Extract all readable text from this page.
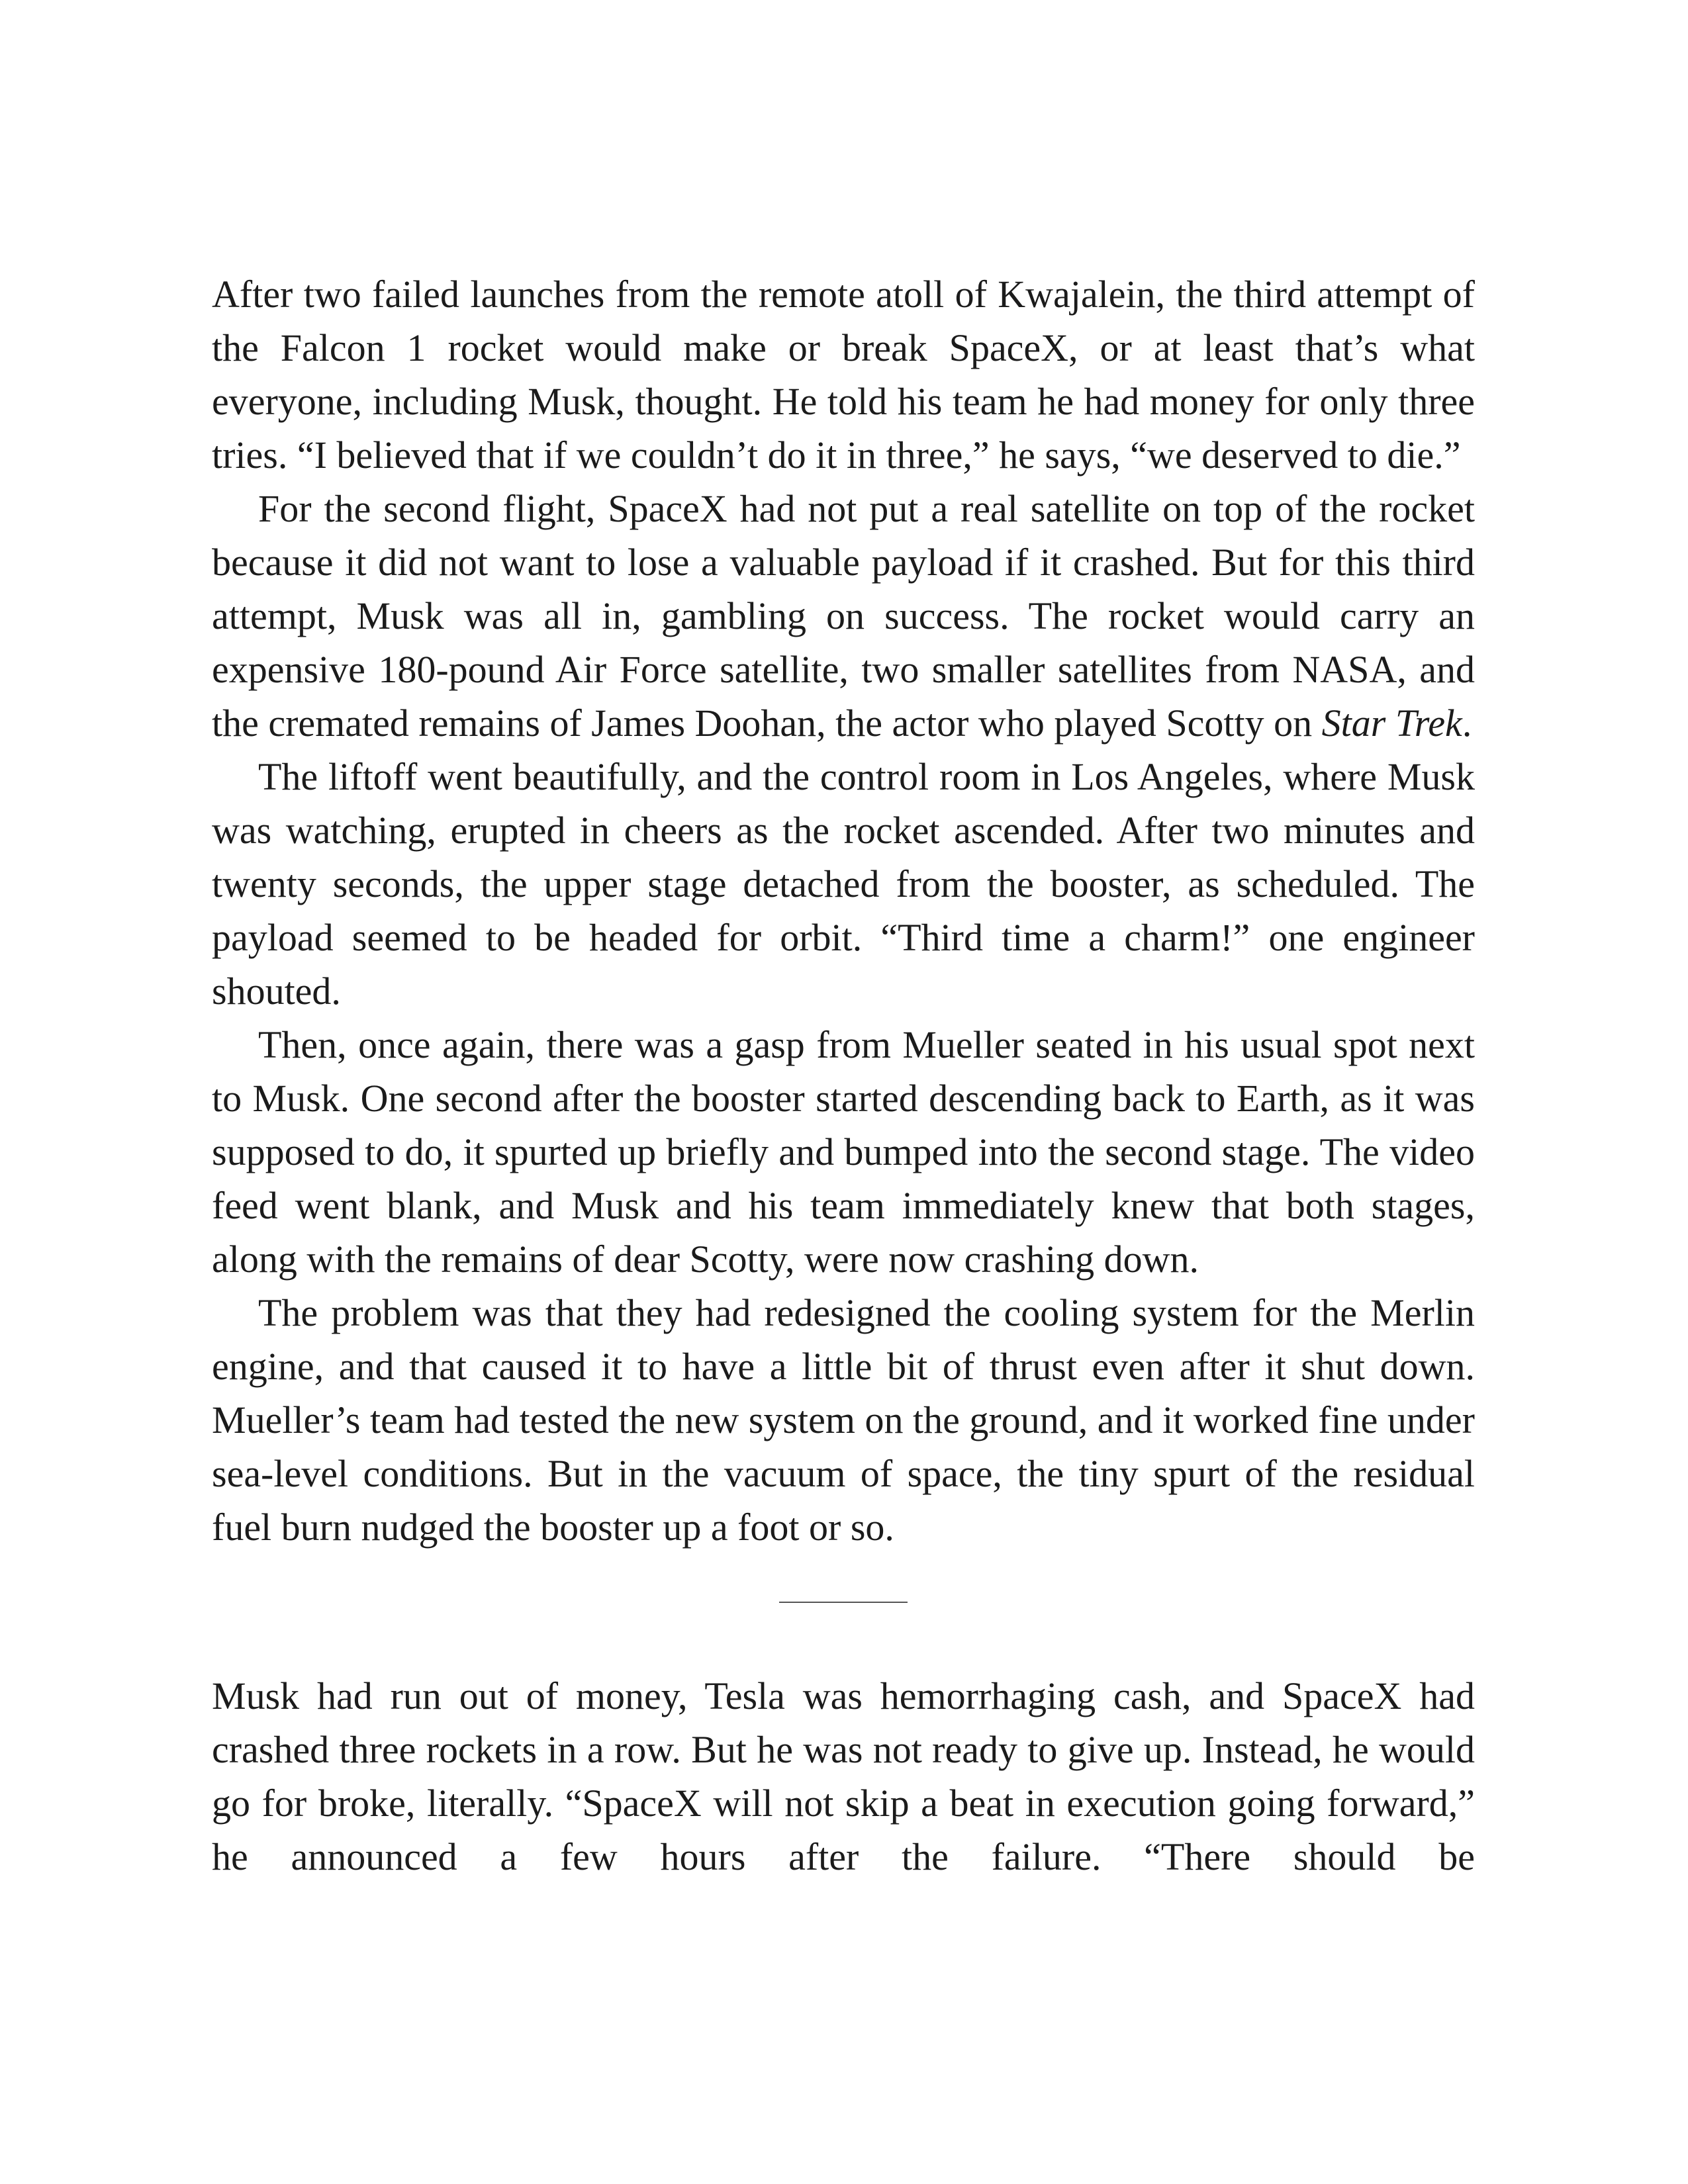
After two failed launches from the remote atoll of Kwajalein, the third attempt of the Falcon 1 rocket would make or break SpaceX, or at least that’s what everyone, including Musk, thought. He told his team he had money for only three tries. “I believed that if we couldn’t do it in three,” he says, “we deserved to die.”

For the second flight, SpaceX had not put a real satellite on top of the rocket because it did not want to lose a valuable payload if it crashed. But for this third attempt, Musk was all in, gambling on success. The rocket would carry an expensive 180-pound Air Force satellite, two smaller satellites from NASA, and the cremated remains of James Doohan, the actor who played Scotty on Star Trek.

The liftoff went beautifully, and the control room in Los Angeles, where Musk was watching, erupted in cheers as the rocket ascended. After two minutes and twenty seconds, the upper stage detached from the booster, as scheduled. The payload seemed to be headed for orbit. “Third time a charm!” one engineer shouted.

Then, once again, there was a gasp from Mueller seated in his usual spot next to Musk. One second after the booster started descending back to Earth, as it was supposed to do, it spurted up briefly and bumped into the second stage. The video feed went blank, and Musk and his team immediately knew that both stages, along with the remains of dear Scotty, were now crashing down.

The problem was that they had redesigned the cooling system for the Merlin engine, and that caused it to have a little bit of thrust even after it shut down. Mueller’s team had tested the new system on the ground, and it worked fine under sea-level conditions. But in the vacuum of space, the tiny spurt of the residual fuel burn nudged the booster up a foot or so.

Musk had run out of money, Tesla was hemorrhaging cash, and SpaceX had crashed three rockets in a row. But he was not ready to give up. Instead, he would go for broke, literally. “SpaceX will not skip a beat in execution going forward,” he announced a few hours after the failure. “There should be
